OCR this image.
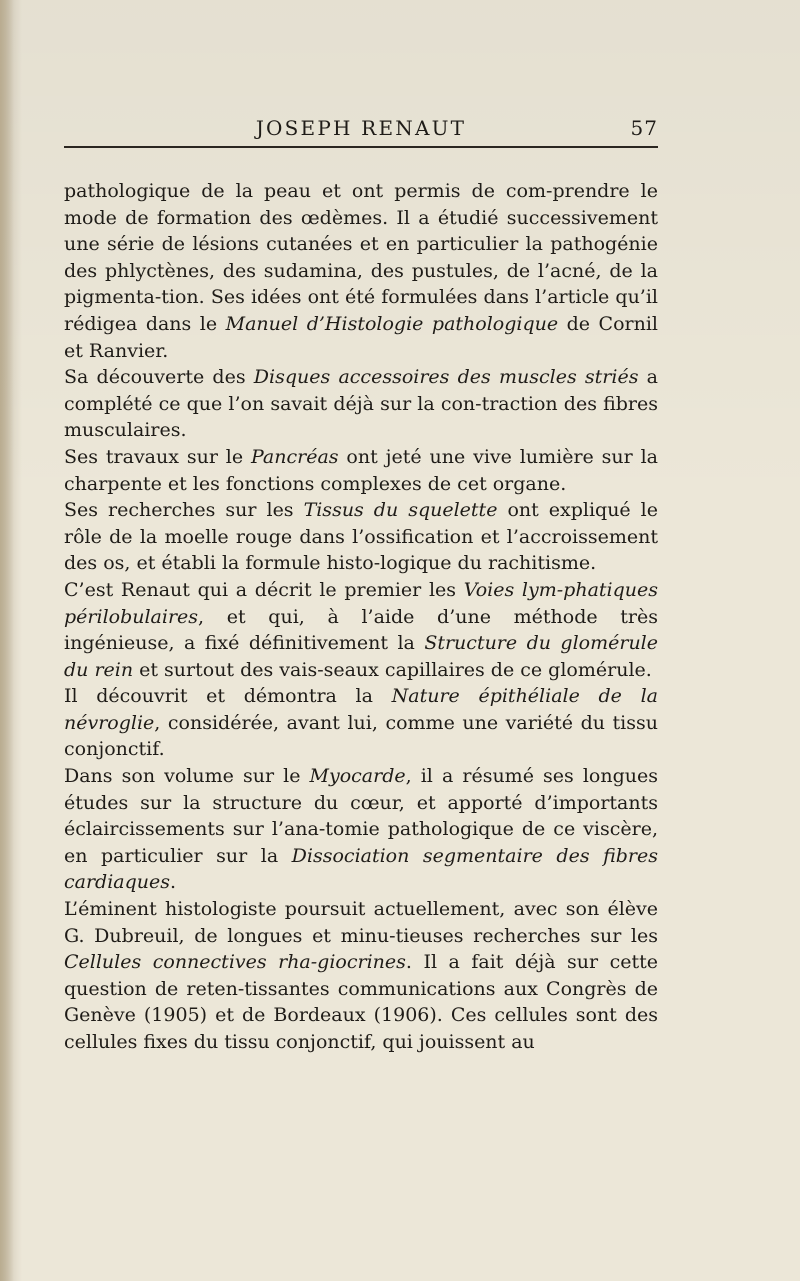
JOSEPH RENAUT	57

pathologique de la peau et ont permis de com-prendre le mode de formation des œdèmes. Il a étudié successivement une série de lésions cutanées et en particulier la pathogénie des phlyctènes, des sudamina, des pustules, de l’acné, de la pigmenta-tion. Ses idées ont été formulées dans l’article qu’il rédigea dans le Manuel d’Histologie pathologique de Cornil et Ranvier.

Sa découverte des Disques accessoires des muscles striés a complété ce que l’on savait déjà sur la con-traction des fibres musculaires.

Ses travaux sur le Pancréas ont jeté une vive lumière sur la charpente et les fonctions complexes de cet organe.

Ses recherches sur les Tissus du squelette ont expliqué le rôle de la moelle rouge dans l’ossification et l’accroissement des os, et établi la formule histo-logique du rachitisme.

C’est Renaut qui a décrit le premier les Voies lym-phatiques périlobulaires, et qui, à l’aide d’une méthode très ingénieuse, a fixé définitivement la Structure du glomérule du rein et surtout des vais-seaux capillaires de ce glomérule.

Il découvrit et démontra la Nature épithéliale de la névroglie, considérée, avant lui, comme une variété du tissu conjonctif.

Dans son volume sur le Myocarde, il a résumé ses longues études sur la structure du cœur, et apporté d’importants éclaircissements sur l’ana-tomie pathologique de ce viscère, en particulier sur la Dissociation segmentaire des fibres cardiaques.

L’éminent histologiste poursuit actuellement, avec son élève G. Dubreuil, de longues et minu-tieuses recherches sur les Cellules connectives rha-giocrines. Il a fait déjà sur cette question de reten-tissantes communications aux Congrès de Genève (1905) et de Bordeaux (1906). Ces cellules sont des cellules fixes du tissu conjonctif, qui jouissent au
